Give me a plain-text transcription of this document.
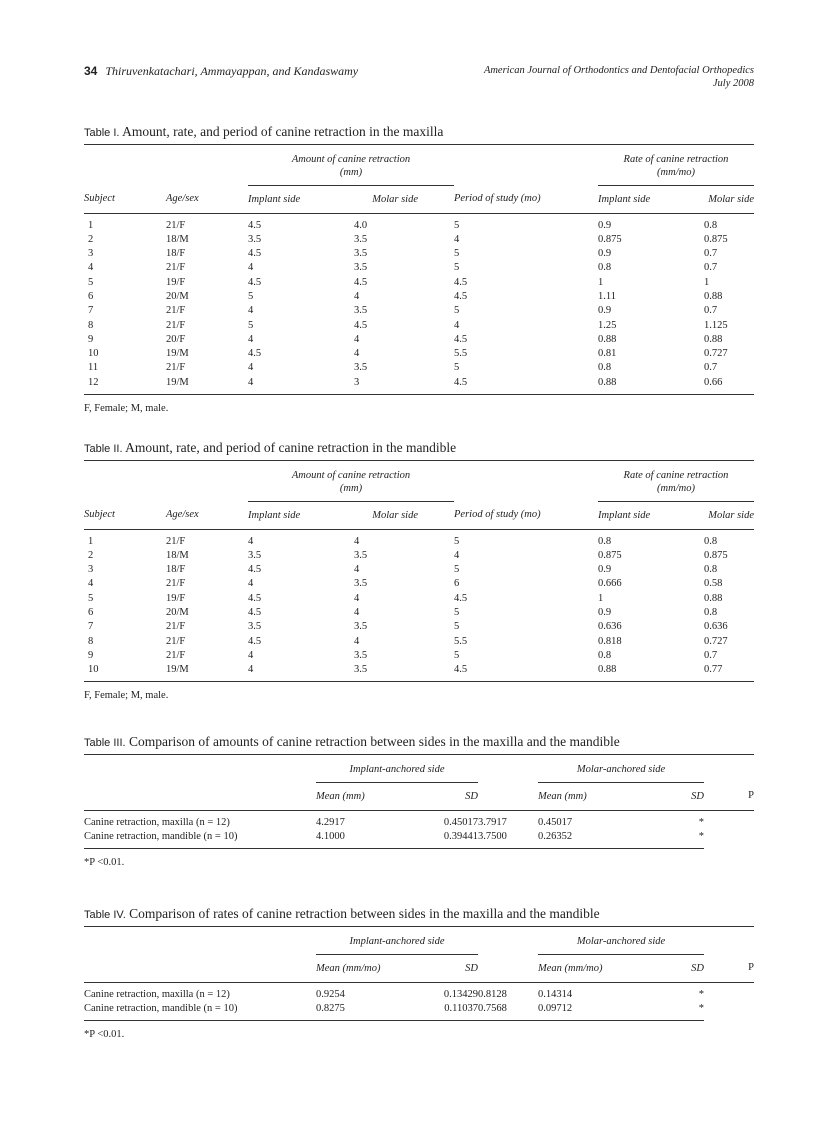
34 Thiruvenkatachari, Ammayappan, and Kandaswamy	American Journal of Orthodontics and Dentofacial Orthopedics
July 2008
Table I. Amount, rate, and period of canine retraction in the maxilla
		Amount of canine retraction
(mm)			Rate of canine retraction
(mm/mo)	

Subject	Age/sex	Implant side	Molar side	Period of study (mo)	Implant side	Molar side
1	21/F	4.5	4.0	5	0.9	0.8
2	18/M	3.5	3.5	4	0.875	0.875
3	18/F	4.5	3.5	5	0.9	0.7
4	21/F	4	3.5	5	0.8	0.7
5	19/F	4.5	4.5	4.5	1	1
6	20/M	5	4	4.5	1.11	0.88
7	21/F	4	3.5	5	0.9	0.7
8	21/F	5	4.5	4	1.25	1.125
9	20/F	4	4	4.5	0.88	0.88
10	19/M	4.5	4	5.5	0.81	0.727
11	21/F	4	3.5	5	0.8	0.7
12	19/M	4	3	4.5	0.88	0.66
F, Female; M, male.
Table II. Amount, rate, and period of canine retraction in the mandible
		Amount of canine retraction
(mm)			Rate of canine retraction
(mm/mo)	

Subject	Age/sex	Implant side	Molar side	Period of study (mo)	Implant side	Molar side
1	21/F	4	4	5	0.8	0.8
2	18/M	3.5	3.5	4	0.875	0.875
3	18/F	4.5	4	5	0.9	0.8
4	21/F	4	3.5	6	0.666	0.58
5	19/F	4.5	4	4.5	1	0.88
6	20/M	4.5	4	5	0.9	0.8
7	21/F	3.5	3.5	5	0.636	0.636
8	21/F	4.5	4	5.5	0.818	0.727
9	21/F	4	3.5	5	0.8	0.7
10	19/M	4	3.5	4.5	0.88	0.77
F, Female; M, male.
Table III. Comparison of amounts of canine retraction between sides in the maxilla and the mandible
	Implant-anchored side			Molar-anchored side		

	Mean (mm)	SD		Mean (mm)	SD	P
Canine retraction, maxilla (n = 12)	4.2917	0.45017	3.7917	0.45017	*	
Canine retraction, mandible (n = 10)	4.1000	0.39441	3.7500	0.26352	*	
*P <0.01.
Table IV. Comparison of rates of canine retraction between sides in the maxilla and the mandible
	Implant-anchored side			Molar-anchored side		

	Mean (mm/mo)	SD		Mean (mm/mo)	SD	P
Canine retraction, maxilla (n = 12)	0.9254	0.13429	0.8128	0.14314	*	
Canine retraction, mandible (n = 10)	0.8275	0.11037	0.7568	0.09712	*	
*P <0.01.
